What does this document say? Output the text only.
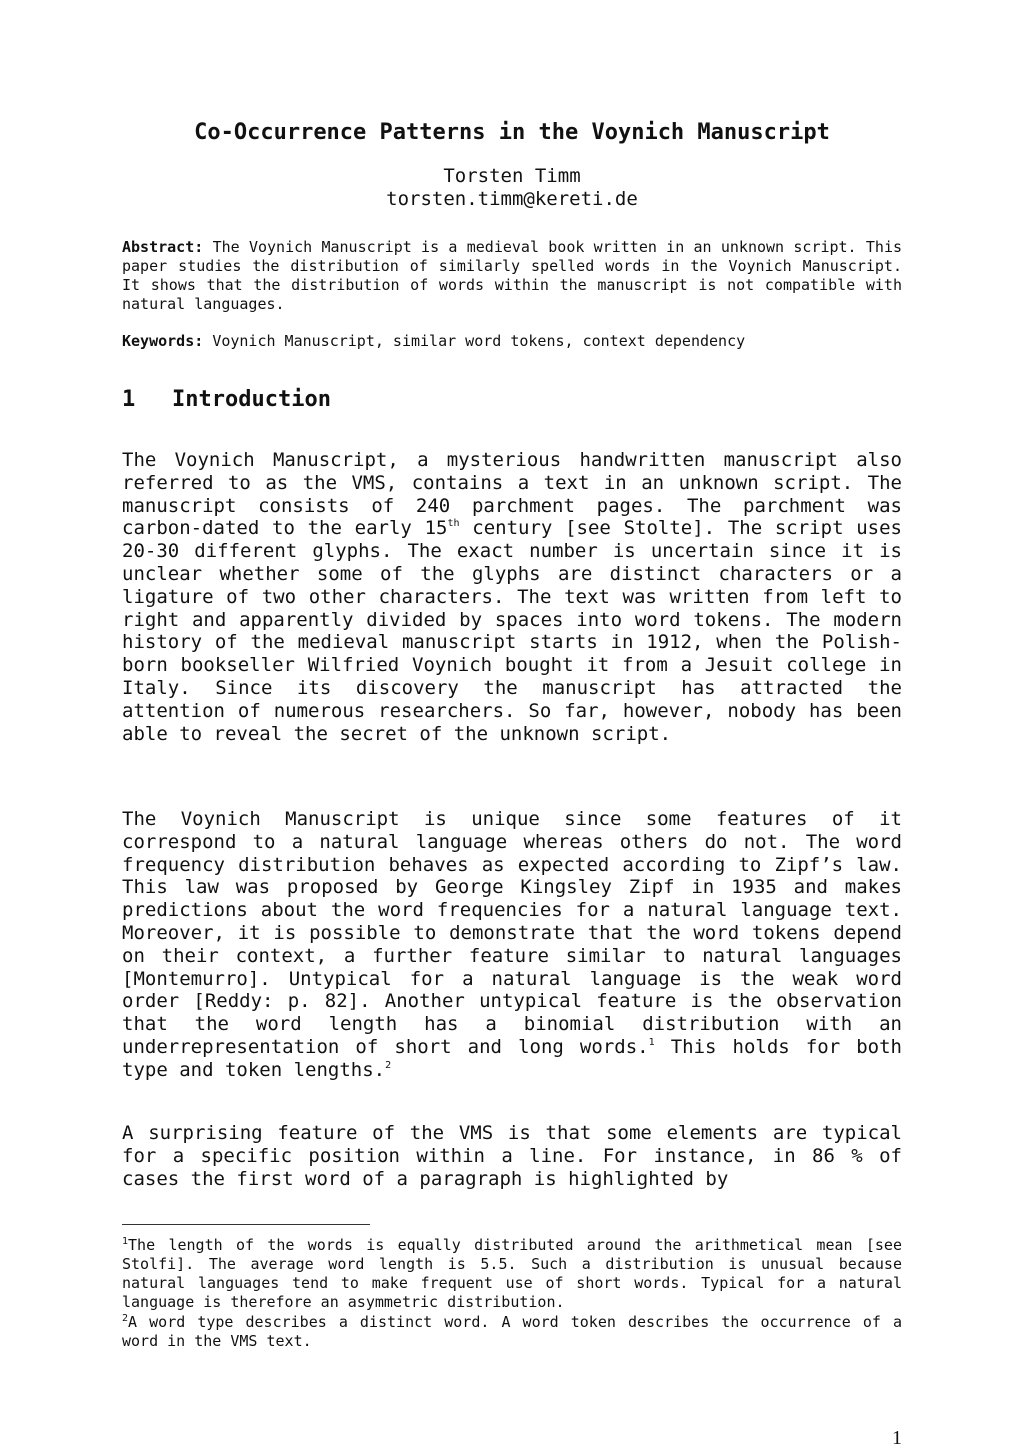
Co-Occurrence Patterns in the Voynich Manuscript
Torsten Timm
torsten.timm@kereti.de
Abstract: The Voynich Manuscript is a medieval book written in an unknown script. This paper studies the distribution of similarly spelled words in the Voynich Manuscript. It shows that the distribution of words within the manuscript is not compatible with natural languages.
Keywords: Voynich Manuscript, similar word tokens, context dependency
1 Introduction
The Voynich Manuscript, a mysterious handwritten manuscript also referred to as the VMS, contains a text in an unknown script. The manuscript consists of 240 parchment pages. The parchment was carbon-dated to the early 15th century [see Stolte]. The script uses 20-30 different glyphs. The exact number is uncertain since it is unclear whether some of the glyphs are distinct characters or a ligature of two other characters. The text was written from left to right and apparently divided by spaces into word tokens. The modern history of the medieval manuscript starts in 1912, when the Polish-born bookseller Wilfried Voynich bought it from a Jesuit college in Italy. Since its discovery the manuscript has attracted the attention of numerous researchers. So far, however, nobody has been able to reveal the secret of the unknown script.
The Voynich Manuscript is unique since some features of it correspond to a natural language whereas others do not. The word frequency distribution behaves as expected according to Zipf’s law. This law was proposed by George Kingsley Zipf in 1935 and makes predictions about the word frequencies for a natural language text. Moreover, it is possible to demonstrate that the word tokens depend on their context, a further feature similar to natural languages [Montemurro]. Untypical for a natural language is the weak word order [Reddy: p. 82]. Another untypical feature is the observation that the word length has a binomial distribution with an underrepresentation of short and long words.$^1$ This holds for both type and token lengths.$^2$
A surprising feature of the VMS is that some elements are typical for a specific position within a line. For instance, in 86 % of cases the first word of a paragraph is highlighted by
$^1$The length of the words is equally distributed around the arithmetical mean [see Stolfi]. The average word length is 5.5. Such a distribution is unusual because natural languages tend to make frequent use of short words. Typical for a natural language is therefore an asymmetric distribution.
$^2$A word type describes a distinct word. A word token describes the occurrence of a word in the VMS text.
1
